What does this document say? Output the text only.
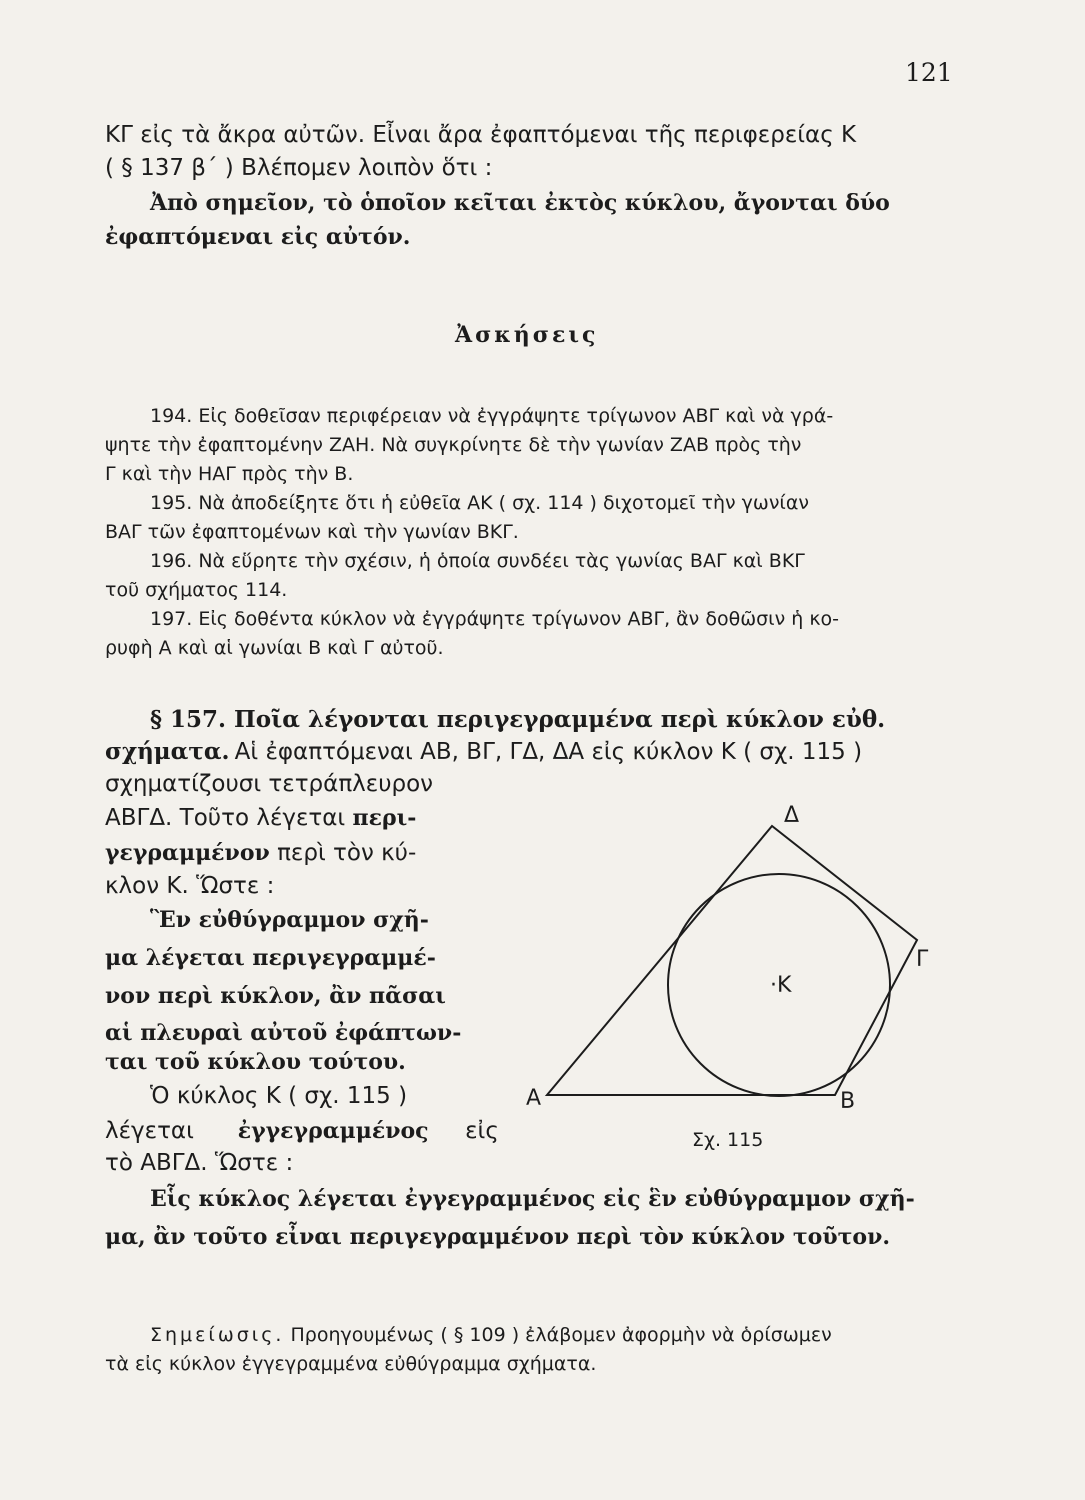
121
ΚΓ εἰς τὰ ἄκρα αὐτῶν. Εἶναι ἄρα ἐφαπτόμεναι τῆς περιφερείας Κ
( § 137 β΄ ) Βλέπομεν λοιπὸν ὅτι :
Ἀπὸ σημεῖον, τὸ ὁποῖον κεῖται ἐκτὸς κύκλου, ἄγονται δύο
ἐφαπτόμεναι εἰς αὐτόν.
Ἀσκήσεις
194. Εἰς δοθεῖσαν περιφέρειαν νὰ ἐγγράψητε τρίγωνον ΑΒΓ καὶ νὰ γρά-
ψητε τὴν ἐφαπτομένην ΖΑΗ. Νὰ συγκρίνητε δὲ τὴν γωνίαν ΖΑΒ πρὸς τὴν
Γ καὶ τὴν ΗΑΓ πρὸς τὴν Β.
195. Νὰ ἀποδείξητε ὅτι ἡ εὐθεῖα ΑΚ ( σχ. 114 ) διχοτομεῖ τὴν γωνίαν
ΒΑΓ τῶν ἐφαπτομένων καὶ τὴν γωνίαν ΒΚΓ.
196. Νὰ εὕρητε τὴν σχέσιν, ἡ ὁποία συνδέει τὰς γωνίας ΒΑΓ καὶ ΒΚΓ
τοῦ σχήματος 114.
197. Εἰς δοθέντα κύκλον νὰ ἐγγράψητε τρίγωνον ΑΒΓ, ἂν δοθῶσιν ἡ κο-
ρυφὴ Α καὶ αἱ γωνίαι Β καὶ Γ αὐτοῦ.
§ 157. Ποῖα λέγονται περιγεγραμμένα περὶ κύκλον εὐθ.
σχήματα. Αἱ ἐφαπτόμεναι ΑΒ, ΒΓ, ΓΔ, ΔΑ εἰς κύκλον Κ ( σχ. 115 )
σχηματίζουσι τετράπλευρον
ΑΒΓΔ. Τοῦτο λέγεται περι-
γεγραμμένον περὶ τὸν κύ-
κλον Κ. Ὥστε :
Ἓν εὐθύγραμμον σχῆ-
μα λέγεται περιγεγραμμέ-
νον περὶ κύκλον, ἂν πᾶσαι
αἱ πλευραὶ αὐτοῦ ἐφάπτων-
ται τοῦ κύκλου τούτου.
Ὁ κύκλος Κ ( σχ. 115 )
λέγεται ἐγγεγραμμένος εἰς
τὸ ΑΒΓΔ. Ὥστε :
Εἷς κύκλος λέγεται ἐγγεγραμμένος εἰς ἓν εὐθύγραμμον σχῆ-
μα, ἂν τοῦτο εἶναι περιγεγραμμένον περὶ τὸν κύκλον τοῦτον.
Σημείωσις. Προηγουμένως ( § 109 ) ἐλάβομεν ἀφορμὴν νὰ ὁρίσωμεν
τὰ εἰς κύκλον ἐγγεγραμμένα εὐθύγραμμα σχήματα.
Α	Β
Γ
Δ
·Κ
Σχ. 115
